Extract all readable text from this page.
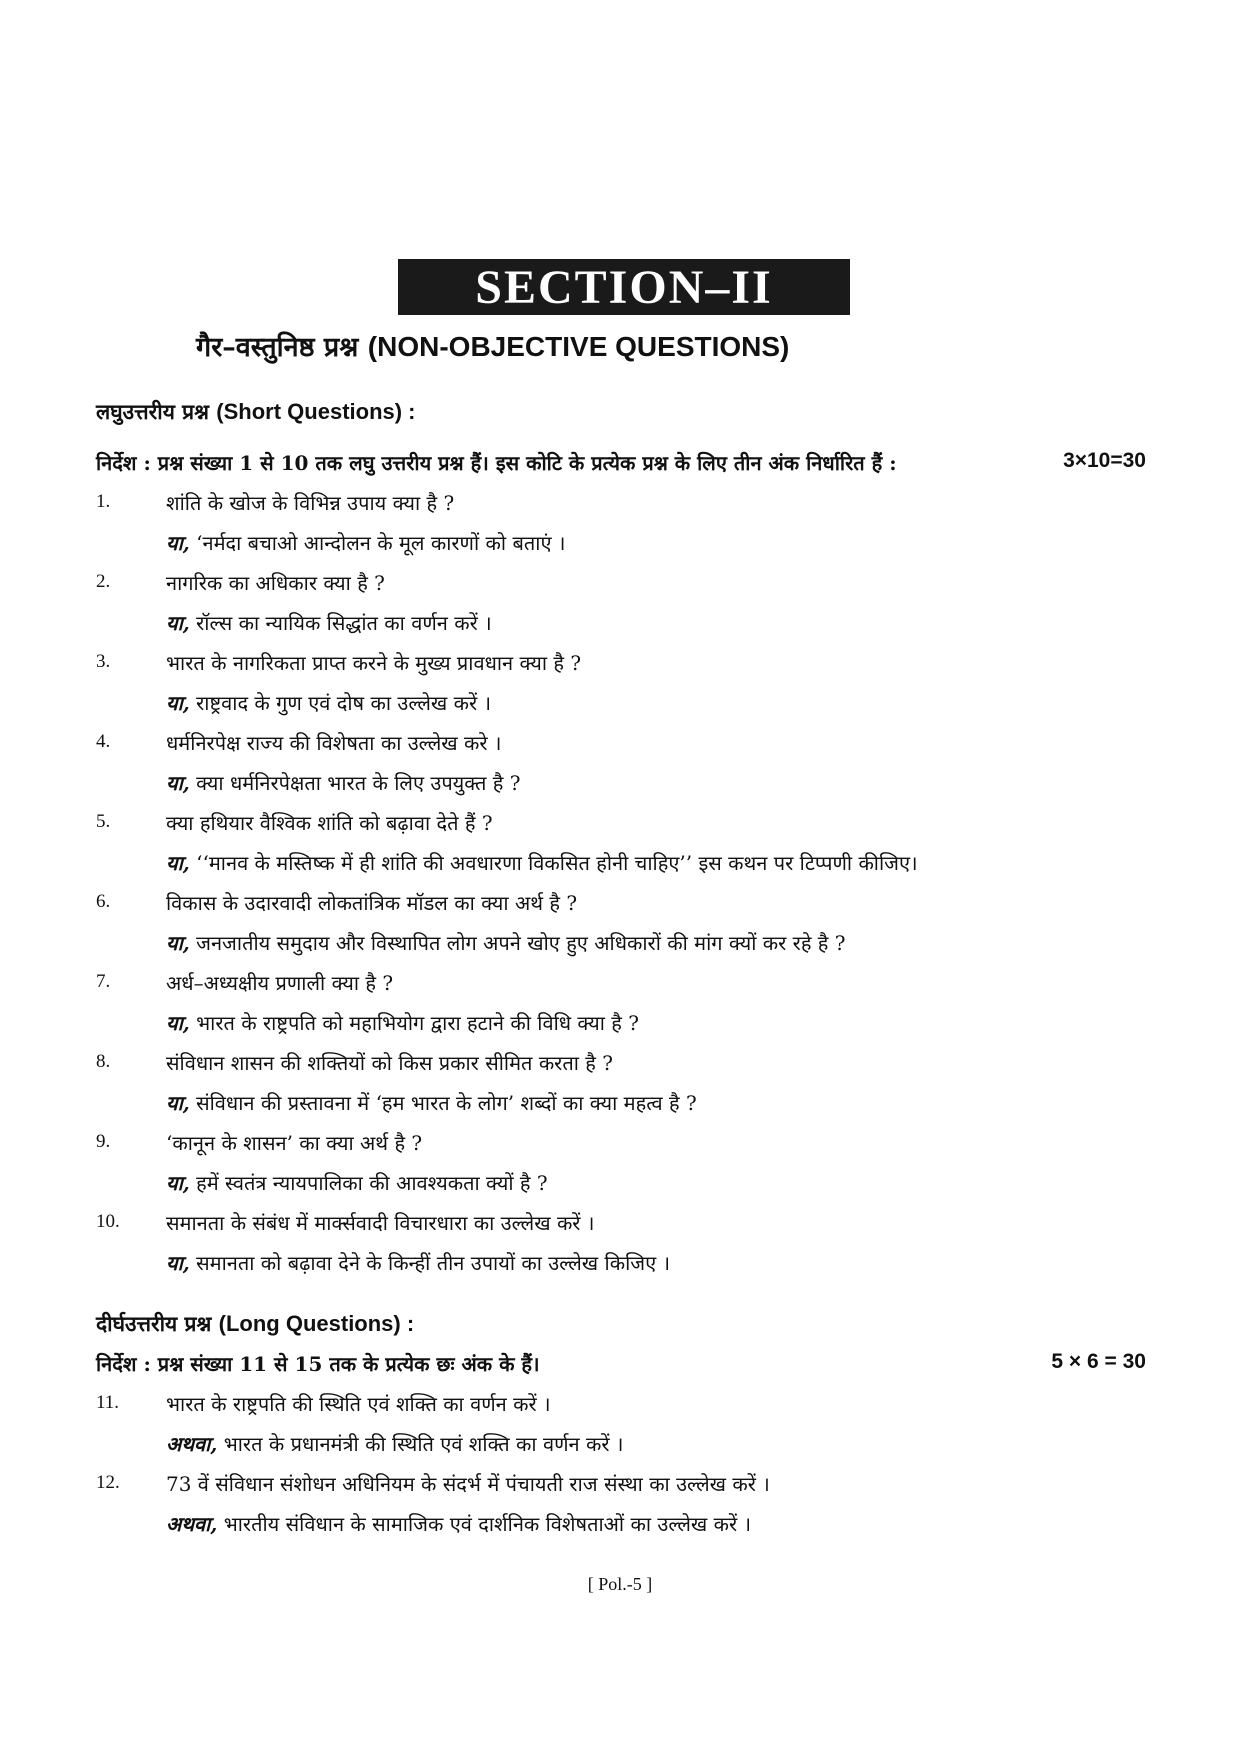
SECTION–II
गैर–वस्तुनिष्ठ प्रश्न (NON-OBJECTIVE QUESTIONS)
लघुउत्तरीय प्रश्न (Short Questions) :
निर्देश : प्रश्न संख्या 1 से 10 तक लघु उत्तरीय प्रश्न हैं। इस कोटि के प्रत्येक प्रश्न के लिए तीन अंक निर्धारित हैं :	3×10=30
1.	शांति के खोज के विभिन्न उपाय क्या है ?
या, ‘नर्मदा बचाओ आन्दोलन के मूल कारणों को बताएं ।
2.	नागरिक का अधिकार क्या है ?
या, रॉल्स का न्यायिक सिद्धांत का वर्णन करें ।
3.	भारत के नागरिकता प्राप्त करने के मुख्य प्रावधान क्या है ?
या, राष्ट्रवाद के गुण एवं दोष का उल्लेख करें ।
4.	धर्मनिरपेक्ष राज्य की विशेषता का उल्लेख करे ।
या, क्या धर्मनिरपेक्षता भारत के लिए उपयुक्त है ?
5.	क्या हथियार वैश्विक शांति को बढ़ावा देते हैं ?
या, ‘‘मानव के मस्तिष्क में ही शांति की अवधारणा विकसित होनी चाहिए’’ इस कथन पर टिप्पणी कीजिए।
6.	विकास के उदारवादी लोकतांत्रिक मॉडल का क्या अर्थ है ?
या, जनजातीय समुदाय और विस्थापित लोग अपने खोए हुए अधिकारों की मांग क्यों कर रहे है ?
7.	अर्ध–अध्यक्षीय प्रणाली क्या है ?
या, भारत के राष्ट्रपति को महाभियोग द्वारा हटाने की विधि क्या है ?
8.	संविधान शासन की शक्तियों को किस प्रकार सीमित करता है ?
या, संविधान की प्रस्तावना में ‘हम भारत के लोग’ शब्दों का क्या महत्व है ?
9.	‘कानून के शासन’ का क्या अर्थ है ?
या, हमें स्वतंत्र न्यायपालिका की आवश्यकता क्यों है ?
10. समानता के संबंध में मार्क्सवादी विचारधारा का उल्लेख करें ।
या, समानता को बढ़ावा देने के किन्हीं तीन उपायों का उल्लेख किजिए ।
दीर्घउत्तरीय प्रश्न (Long Questions) :
निर्देश : प्रश्न संख्या 11 से 15 तक के प्रत्येक छः अंक के हैं।	5 × 6 = 30
11. भारत के राष्ट्रपति की स्थिति एवं शक्ति का वर्णन करें ।
अथवा, भारत के प्रधानमंत्री की स्थिति एवं शक्ति का वर्णन करें ।
12. 73 वें संविधान संशोधन अधिनियम के संदर्भ में पंचायती राज संस्था का उल्लेख करें ।
अथवा, भारतीय संविधान के सामाजिक एवं दार्शनिक विशेषताओं का उल्लेख करें ।
[ Pol.-5 ]
